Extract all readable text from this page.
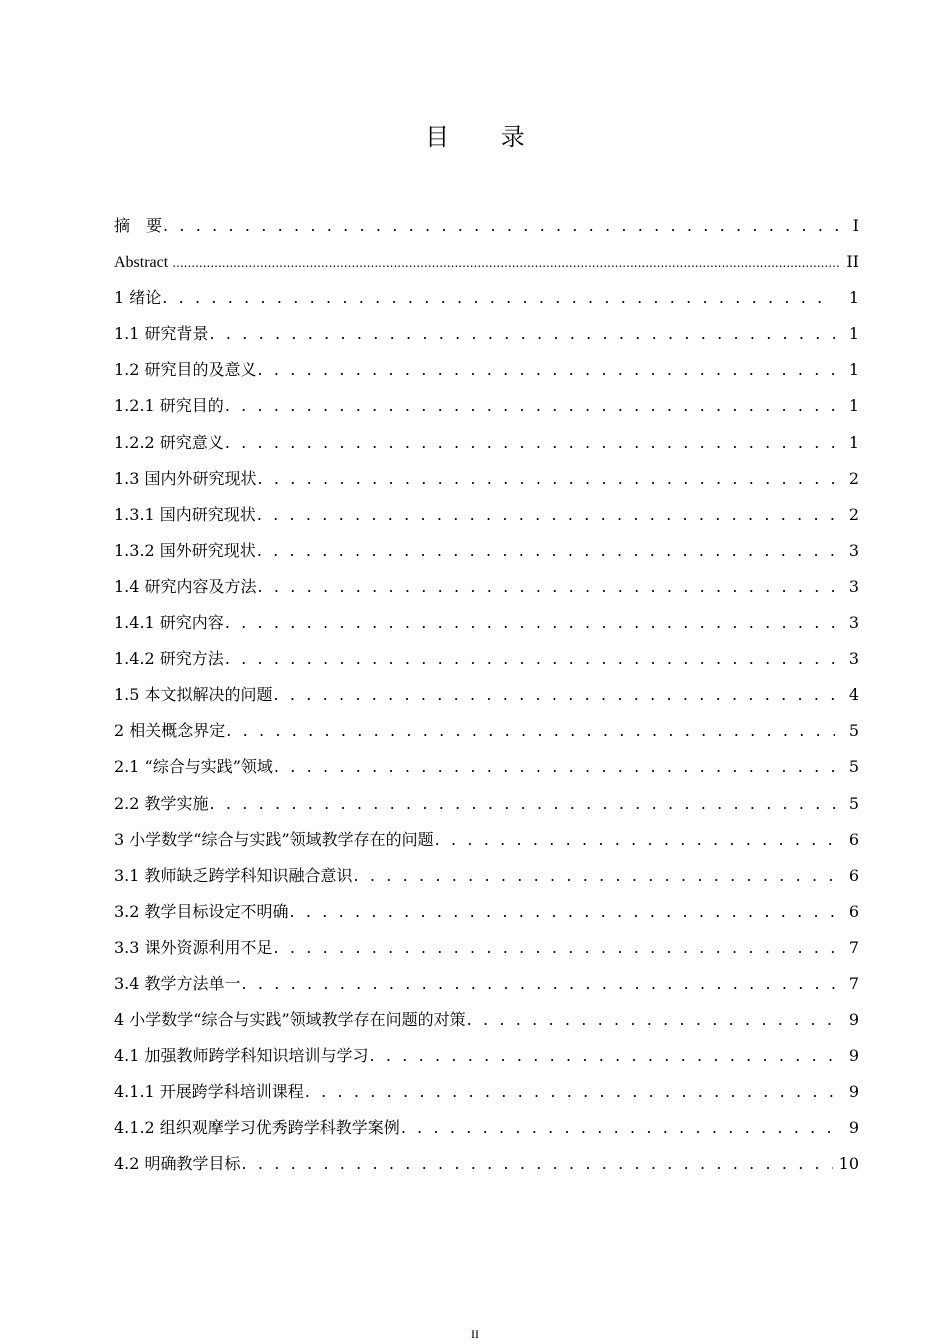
目 录
摘　要 . . .	I
Abstract .....	II
1 绪论 . . .	1
1.1 研究背景 . . .	1
1.2 研究目的及意义 . . .	1
1.2.1 研究目的 . . .	1
1.2.2 研究意义 . . .	1
1.3 国内外研究现状 . . .	2
1.3.1 国内研究现状 . . .	2
1.3.2 国外研究现状 . . .	3
1.4 研究内容及方法 . . .	3
1.4.1 研究内容 . . .	3
1.4.2 研究方法 . . .	3
1.5 本文拟解决的问题 . . .	4
2 相关概念界定 . . .	5
2.1 “综合与实践”领域 . . .	5
2.2 教学实施 . . .	5
3 小学数学“综合与实践”领域教学存在的问题 . . .	6
3.1 教师缺乏跨学科知识融合意识 . . .	6
3.2 教学目标设定不明确 . . .	6
3.3 课外资源利用不足 . . .	7
3.4 教学方法单一 . . .	7
4 小学数学“综合与实践”领域教学存在问题的对策 . . .	9
4.1 加强教师跨学科知识培训与学习 . . .	9
4.1.1 开展跨学科培训课程 . . .	9
4.1.2 组织观摩学习优秀跨学科教学案例 . . .	9
4.2 明确教学目标 . . .	10
II
